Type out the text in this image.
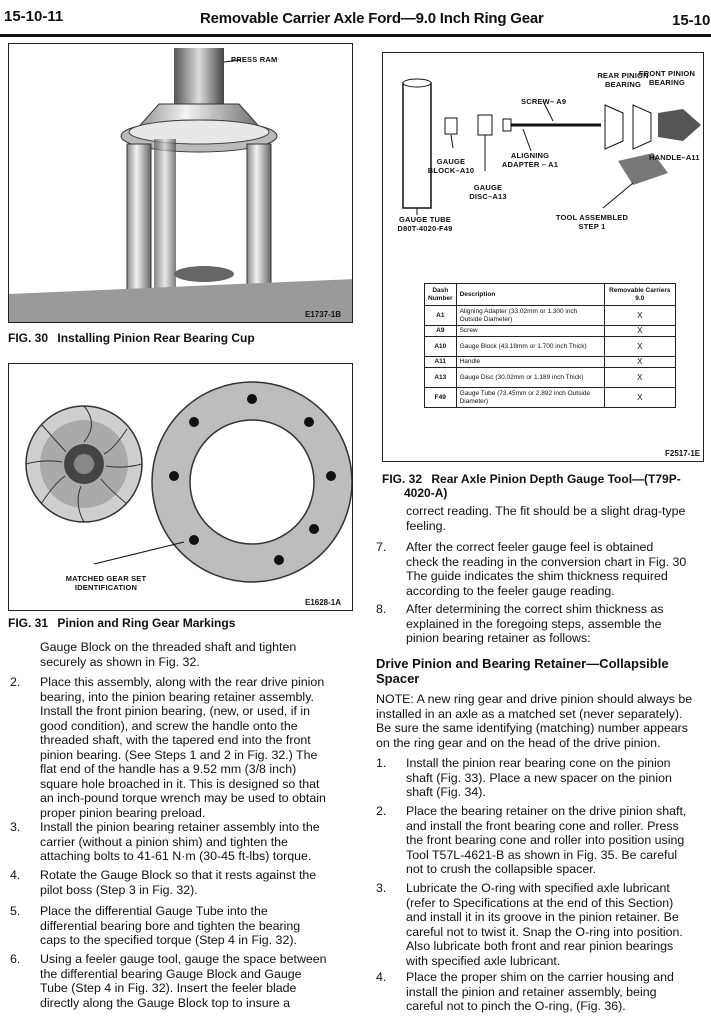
15-10-11	Removable Carrier Axle Ford—9.0 Inch Ring Gear	15-10
PRESS RAM
E1737-1B
FIG. 30 Installing Pinion Rear Bearing Cup
MATCHED GEAR SET
IDENTIFICATION
E1628-1A
FIG. 31 Pinion and Ring Gear Markings
REAR PINION
BEARING
FRONT PINION
BEARING
SCREW– A9
ALIGNING
ADAPTER – A1
HANDLE–A11
GAUGE
BLOCK–A10
GAUGE
DISC–A13
GAUGE TUBE
D80T-4020-F49
TOOL ASSEMBLED
STEP 1
F2517-1E
Dash Number	Description	Removable Carriers 9.0
A1	Aligning Adapter (33.02mm or 1.300 inch Outside Diameter)	X
A9	Screw	X
A10	Gauge Block (43.18mm or 1.700 inch Thick)	X
A11	Handle	X
A13	Gauge Disc (30.02mm or 1.189 inch Thick)	X
F49	Gauge Tube (73.45mm or 2.892 inch Outside Diameter)	X
FIG. 32 Rear Axle Pinion Depth Gauge Tool—(T79P-
4020-A)
Gauge Block on the threaded shaft and tighten
securely as shown in Fig. 32.
2. Place this assembly, along with the rear drive pinion
bearing, into the pinion bearing retainer assembly.
Install the front pinion bearing, (new, or used, if in
good condition), and screw the handle onto the
threaded shaft, with the tapered end into the front
pinion bearing. (See Steps 1 and 2 in Fig. 32.) The
flat end of the handle has a 9.52 mm (3/8 inch)
square hole broached in it. This is designed so that
an inch-pound torque wrench may be used to obtain
proper pinion bearing preload.
3. Install the pinion bearing retainer assembly into the
carrier (without a pinion shim) and tighten the
attaching bolts to 41-61 N·m (30-45 ft-lbs) torque.
4. Rotate the Gauge Block so that it rests against the
pilot boss (Step 3 in Fig. 32).
5. Place the differential Gauge Tube into the
differential bearing bore and tighten the bearing
caps to the specified torque (Step 4 in Fig. 32).
6. Using a feeler gauge tool, gauge the space between
the differential bearing Gauge Block and Gauge
Tube (Step 4 in Fig. 32). Insert the feeler blade
directly along the Gauge Block top to insure a
correct reading. The fit should be a slight drag-type
feeling.
7. After the correct feeler gauge feel is obtained
check the reading in the conversion chart in Fig. 30
The guide indicates the shim thickness required
according to the feeler gauge reading.
8. After determining the correct shim thickness as
explained in the foregoing steps, assemble the
pinion bearing retainer as follows:
Drive Pinion and Bearing Retainer—Collapsible
Spacer
NOTE: A new ring gear and drive pinion should always be
installed in an axle as a matched set (never separately).
Be sure the same identifying (matching) number appears
on the ring gear and on the head of the drive pinion.
1. Install the pinion rear bearing cone on the pinion
shaft (Fig. 33). Place a new spacer on the pinion
shaft (Fig. 34).
2. Place the bearing retainer on the drive pinion shaft,
and install the front bearing cone and roller. Press
the front bearing cone and roller into position using
Tool T57L-4621-B as shown in Fig. 35. Be careful
not to crush the collapsible spacer.
3. Lubricate the O-ring with specified axle lubricant
(refer to Specifications at the end of this Section)
and install it in its groove in the pinion retainer. Be
careful not to twist it. Snap the O-ring into position.
Also lubricate both front and rear pinion bearings
with specified axle lubricant.
4. Place the proper shim on the carrier housing and
install the pinion and retainer assembly, being
careful not to pinch the O-ring, (Fig. 36).
